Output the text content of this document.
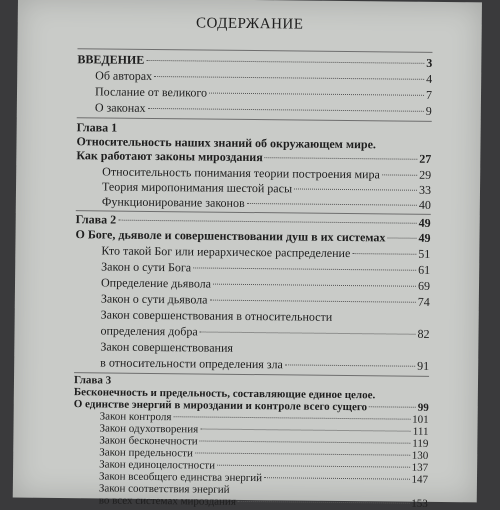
СОДЕРЖАНИЕ
ВВЕДЕНИЕ	3
Об авторах	4
Послание от великого	7
О законах	9
Глава 1
Относительность наших знаний об окружающем мире.
Как работают законы мироздания	27
Относительность понимания теории построения мира	29
Теория миропонимания шестой расы	33
Функционирование законов	40
Глава 2	49
О Боге, дьяволе и совершенствовании душ в их системах	49
Кто такой Бог или иерархическое распределение	51
Закон о сути Бога	61
Определение дьявола	69
Закон о сути дьявола	74
Закон совершенствования в относительности
определения добра	82
Закон совершенствования
в относительности определения зла	91
Глава 3
Бесконечность и предельность, составляющие единое целое.
О единстве энергий в мироздании и контроле всего сущего	99
Закон контроля	101
Закон одухотворения	111
Закон бесконечности	119
Закон предельности	130
Закон единоцелостности	137
Закон всеобщего единства энергий	147
Закон соответствия энергий
во всех системах мироздания	153
